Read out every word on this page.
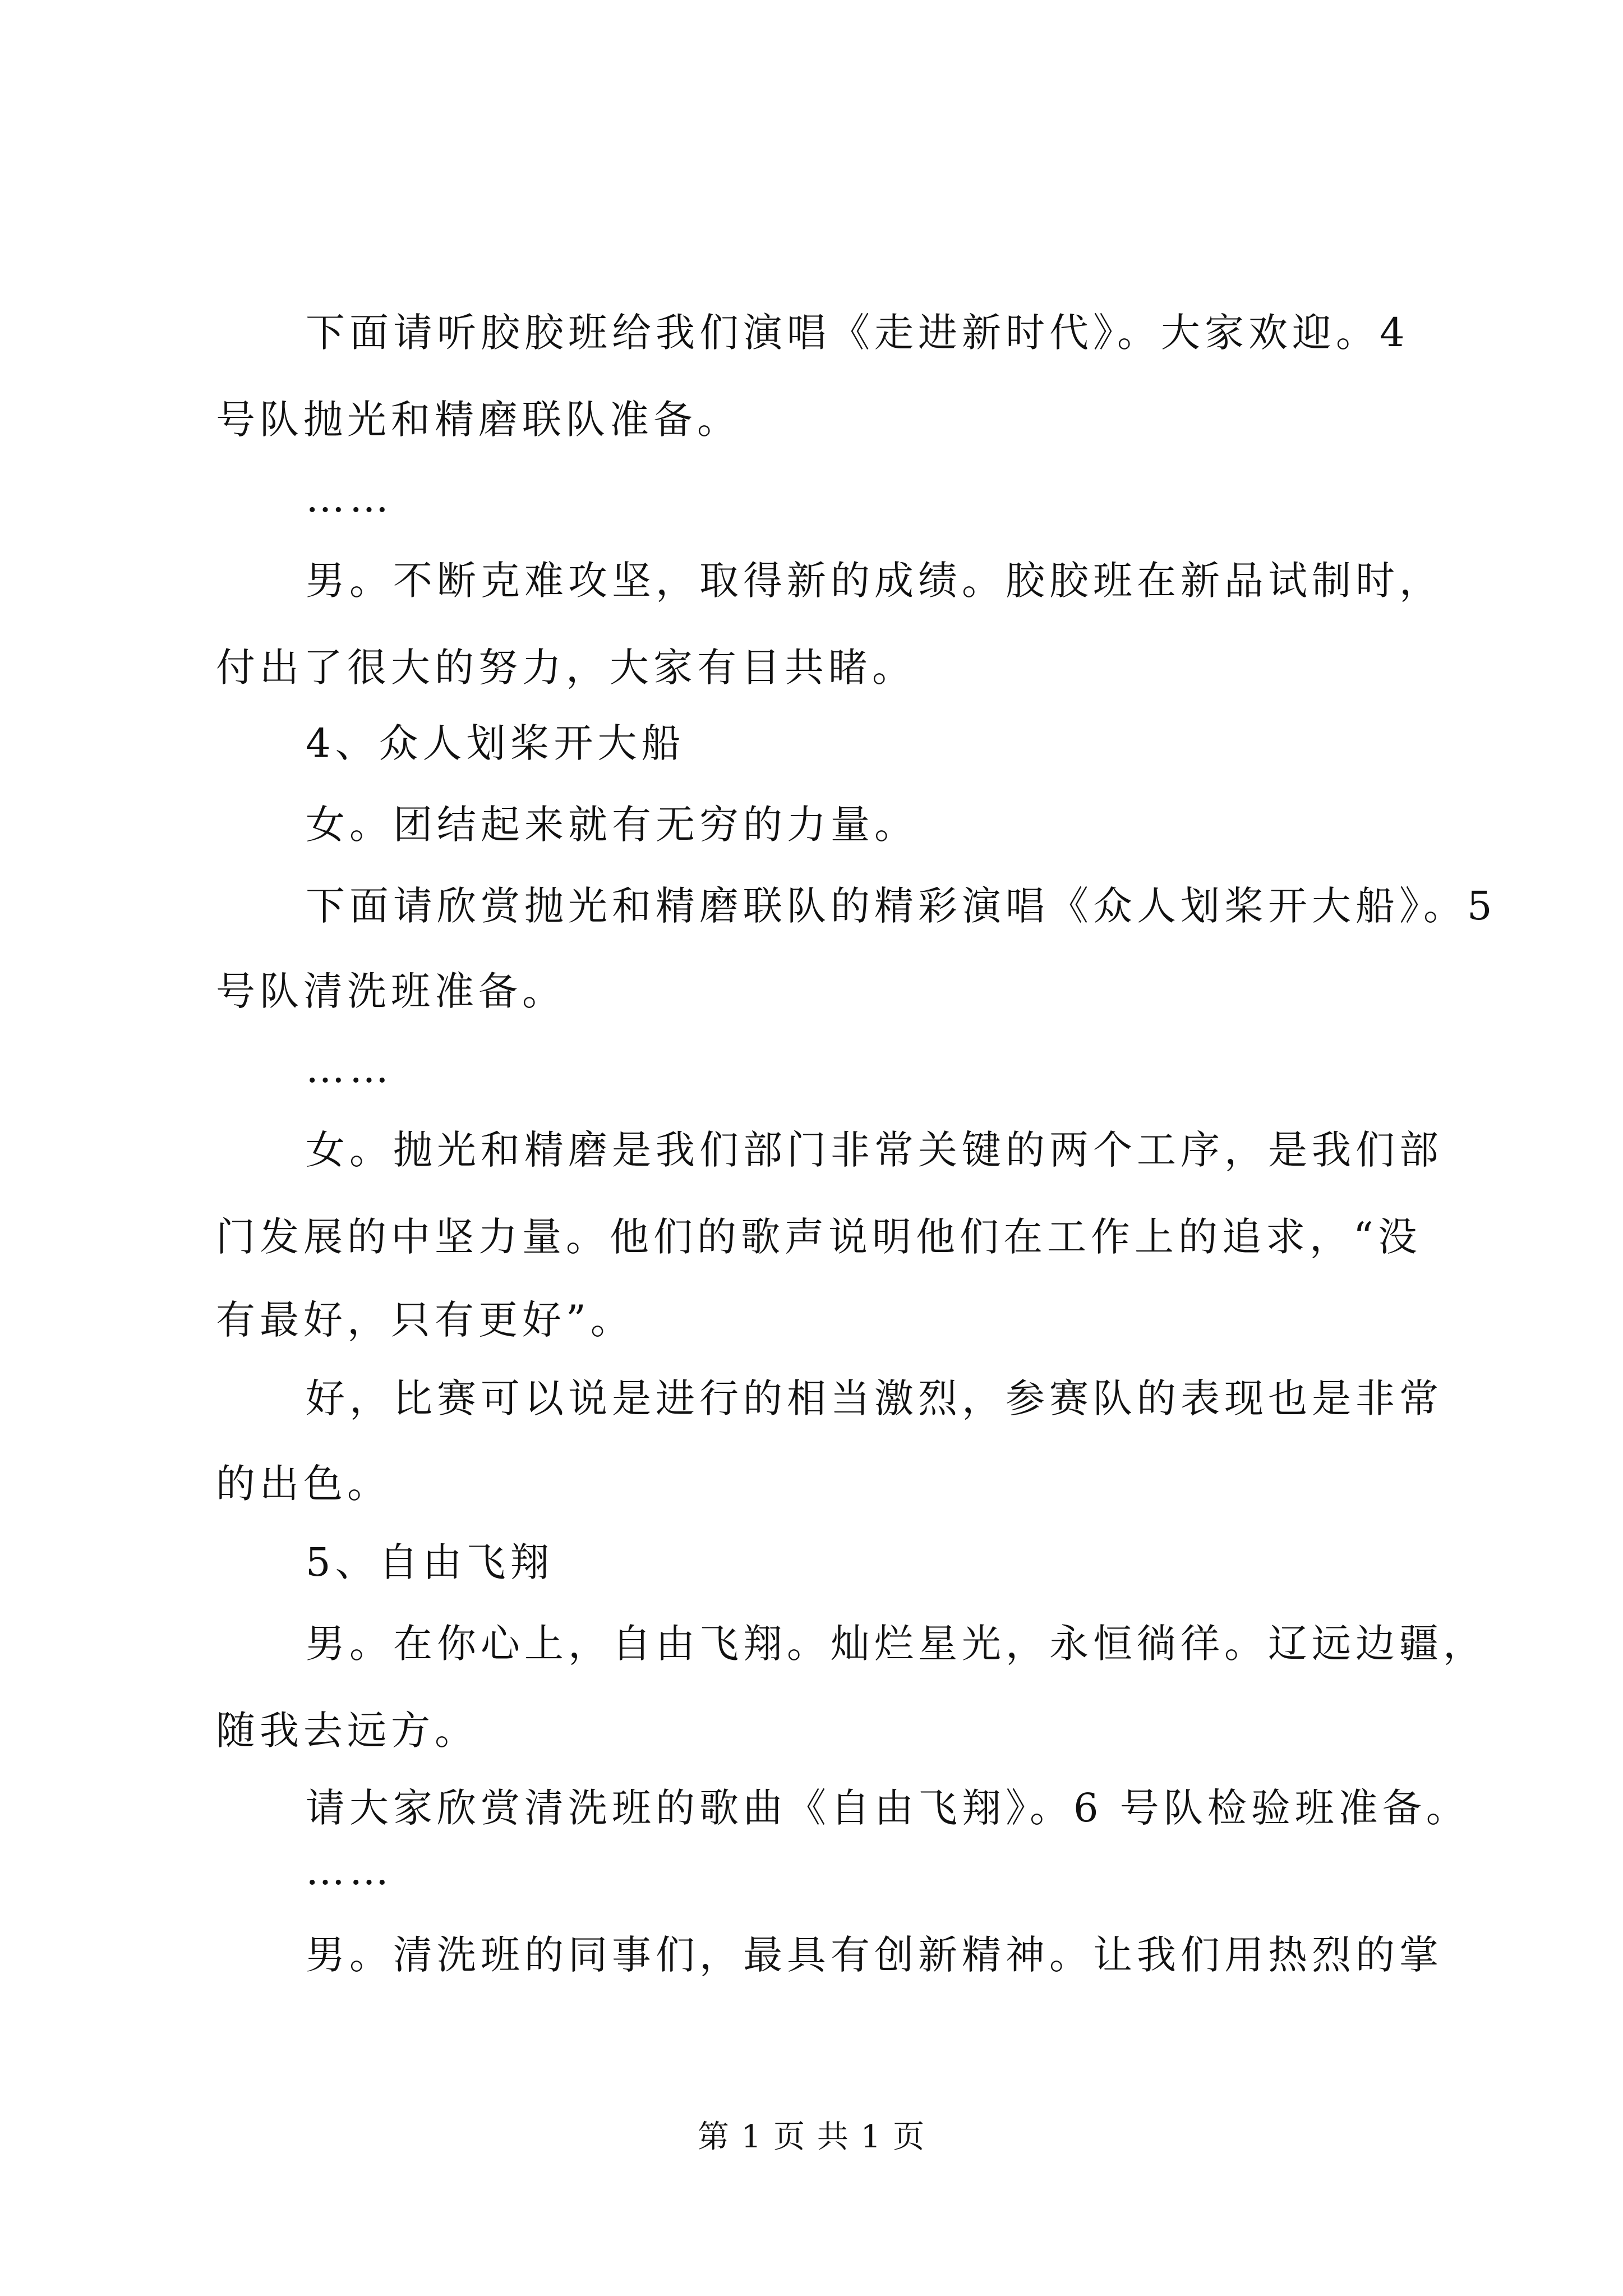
下面请听胶胶班给我们演唱《走进新时代》。大家欢迎。4
号队抛光和精磨联队准备。
……
男。不断克难攻坚，取得新的成绩。胶胶班在新品试制时，
付出了很大的努力，大家有目共睹。
4、众人划桨开大船
女。团结起来就有无穷的力量。
下面请欣赏抛光和精磨联队的精彩演唱《众人划桨开大船》。5
号队清洗班准备。
……
女。抛光和精磨是我们部门非常关键的两个工序，是我们部
门发展的中坚力量。他们的歌声说明他们在工作上的追求，“没
有最好，只有更好”。
好，比赛可以说是进行的相当激烈，参赛队的表现也是非常
的出色。
5、自由飞翔
男。在你心上，自由飞翔。灿烂星光，永恒徜徉。辽远边疆，
随我去远方。
请大家欣赏清洗班的歌曲《自由飞翔》。6 号队检验班准备。
……
男。清洗班的同事们，最具有创新精神。让我们用热烈的掌
第 1 页 共 1 页
